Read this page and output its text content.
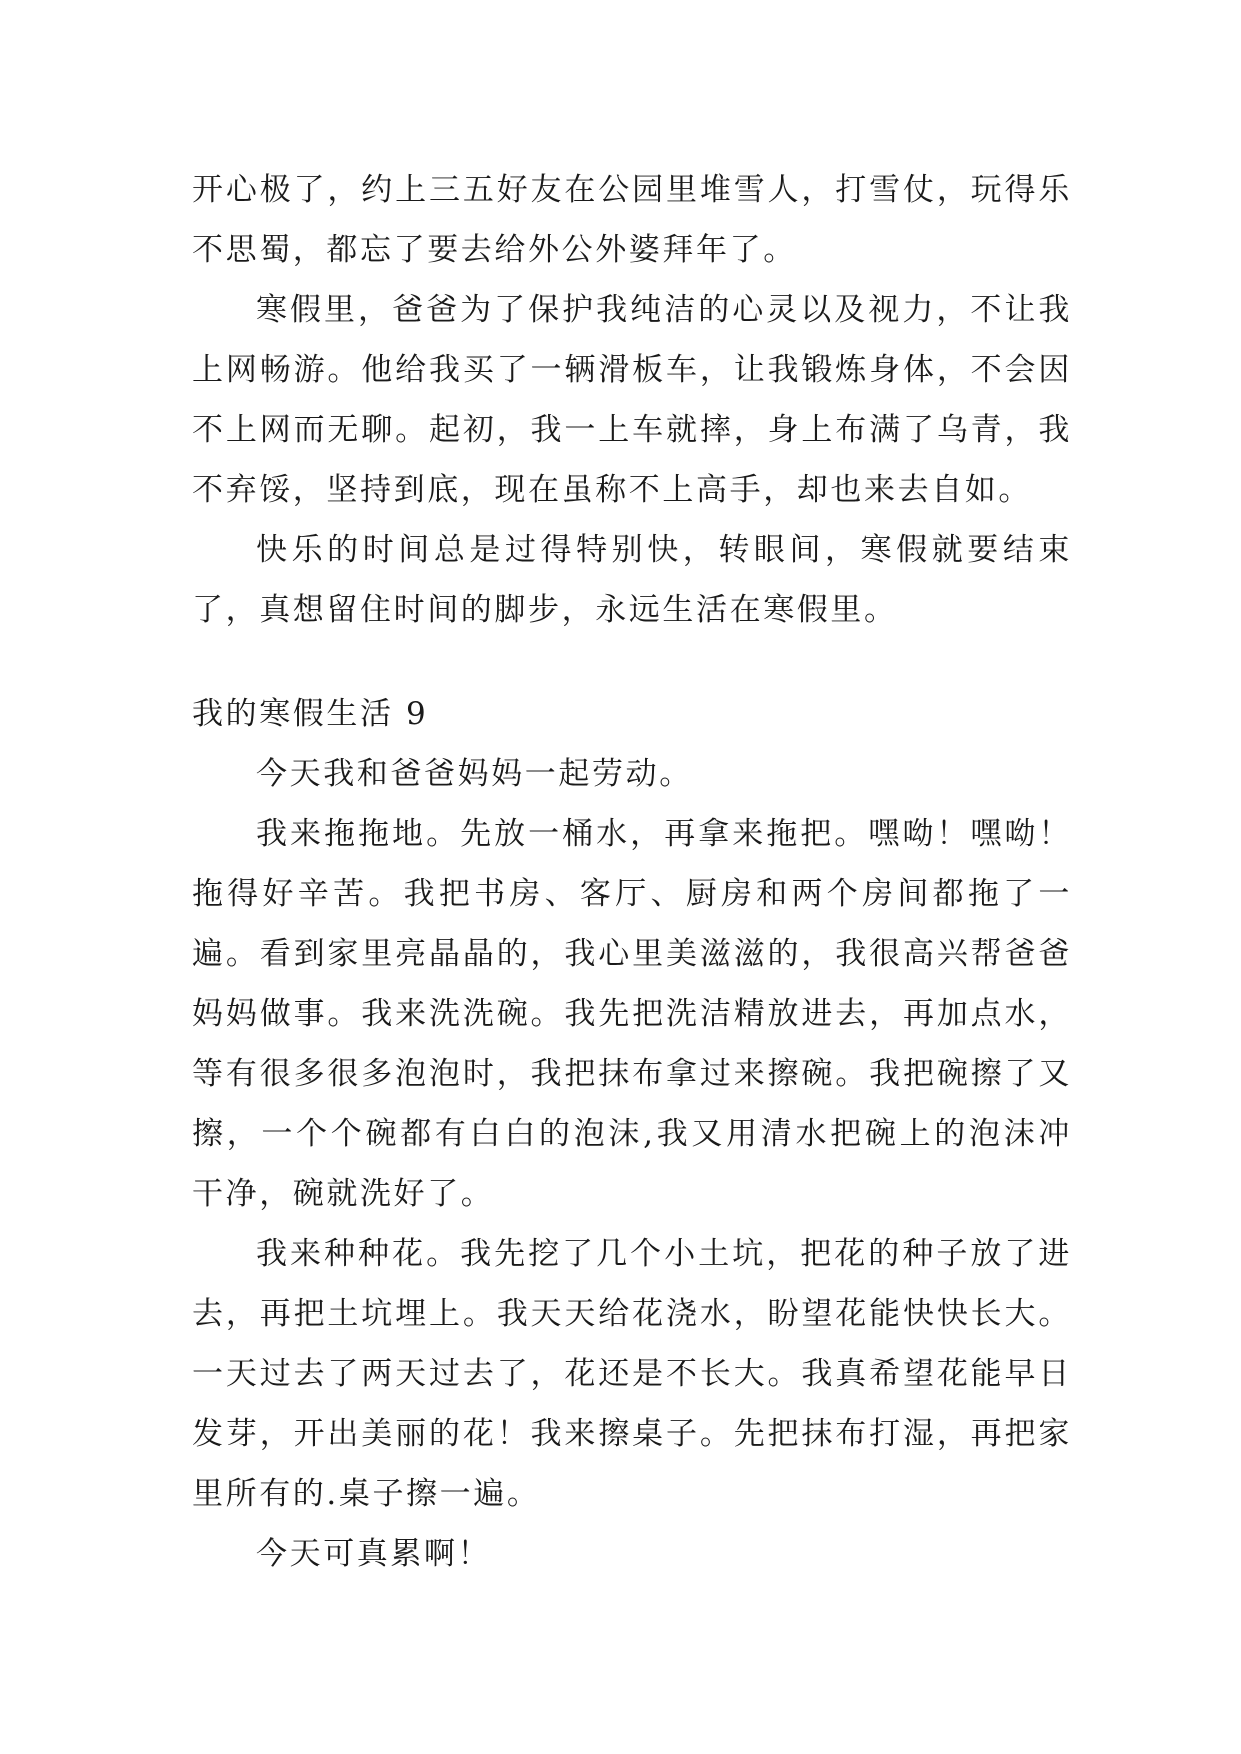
开心极了，约上三五好友在公园里堆雪人，打雪仗，玩得乐不思蜀，都忘了要去给外公外婆拜年了。

寒假里，爸爸为了保护我纯洁的心灵以及视力，不让我上网畅游。他给我买了一辆滑板车，让我锻炼身体，不会因不上网而无聊。起初，我一上车就摔，身上布满了乌青，我不弃馁，坚持到底，现在虽称不上高手，却也来去自如。

快乐的时间总是过得特别快，转眼间，寒假就要结束了，真想留住时间的脚步，永远生活在寒假里。

我的寒假生活 9

今天我和爸爸妈妈一起劳动。

我来拖拖地。先放一桶水，再拿来拖把。嘿呦！嘿呦！拖得好辛苦。我把书房、客厅、厨房和两个房间都拖了一遍。看到家里亮晶晶的，我心里美滋滋的，我很高兴帮爸爸妈妈做事。我来洗洗碗。我先把洗洁精放进去，再加点水，等有很多很多泡泡时，我把抹布拿过来擦碗。我把碗擦了又擦，一个个碗都有白白的泡沫,我又用清水把碗上的泡沫冲干净，碗就洗好了。

我来种种花。我先挖了几个小土坑，把花的种子放了进去，再把土坑埋上。我天天给花浇水，盼望花能快快长大。一天过去了两天过去了，花还是不长大。我真希望花能早日发芽，开出美丽的花！我来擦桌子。先把抹布打湿，再把家里所有的.桌子擦一遍。

今天可真累啊！
